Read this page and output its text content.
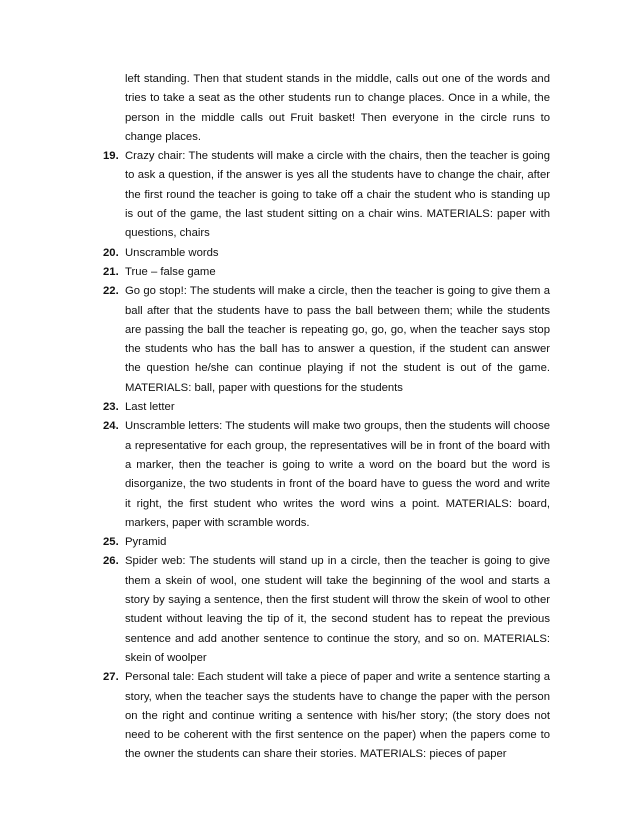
left standing. Then that student stands in the middle, calls out one of the words and tries to take a seat as the other students run to change places. Once in a while, the person in the middle calls out Fruit basket! Then everyone in the circle runs to change places.
19. Crazy chair: The students will make a circle with the chairs, then the teacher is going to ask a question, if the answer is yes all the students have to change the chair, after the first round the teacher is going to take off a chair the student who is standing up is out of the game, the last student sitting on a chair wins. MATERIALS: paper with questions, chairs
20. Unscramble words
21. True – false game
22. Go go stop!: The students will make a circle, then the teacher is going to give them a ball after that the students have to pass the ball between them; while the students are passing the ball the teacher is repeating go, go, go, when the teacher says stop the students who has the ball has to answer a question, if the student can answer the question he/she can continue playing if not the student is out of the game. MATERIALS: ball, paper with questions for the students
23. Last letter
24. Unscramble letters: The students will make two groups, then the students will choose a representative for each group, the representatives will be in front of the board with a marker, then the teacher is going to write a word on the board but the word is disorganize, the two students in front of the board have to guess the word and write it right, the first student who writes the word wins a point. MATERIALS: board, markers, paper with scramble words.
25. Pyramid
26. Spider web: The students will stand up in a circle, then the teacher is going to give them a skein of wool, one student will take the beginning of the wool and starts a story by saying a sentence, then the first student will throw the skein of wool to other student without leaving the tip of it, the second student has to repeat the previous sentence and add another sentence to continue the story, and so on. MATERIALS: skein of woolper
27. Personal tale: Each student will take a piece of paper and write a sentence starting a story, when the teacher says the students have to change the paper with the person on the right and continue writing a sentence with his/her story; (the story does not need to be coherent with the first sentence on the paper) when the papers come to the owner the students can share their stories. MATERIALS: pieces of paper
